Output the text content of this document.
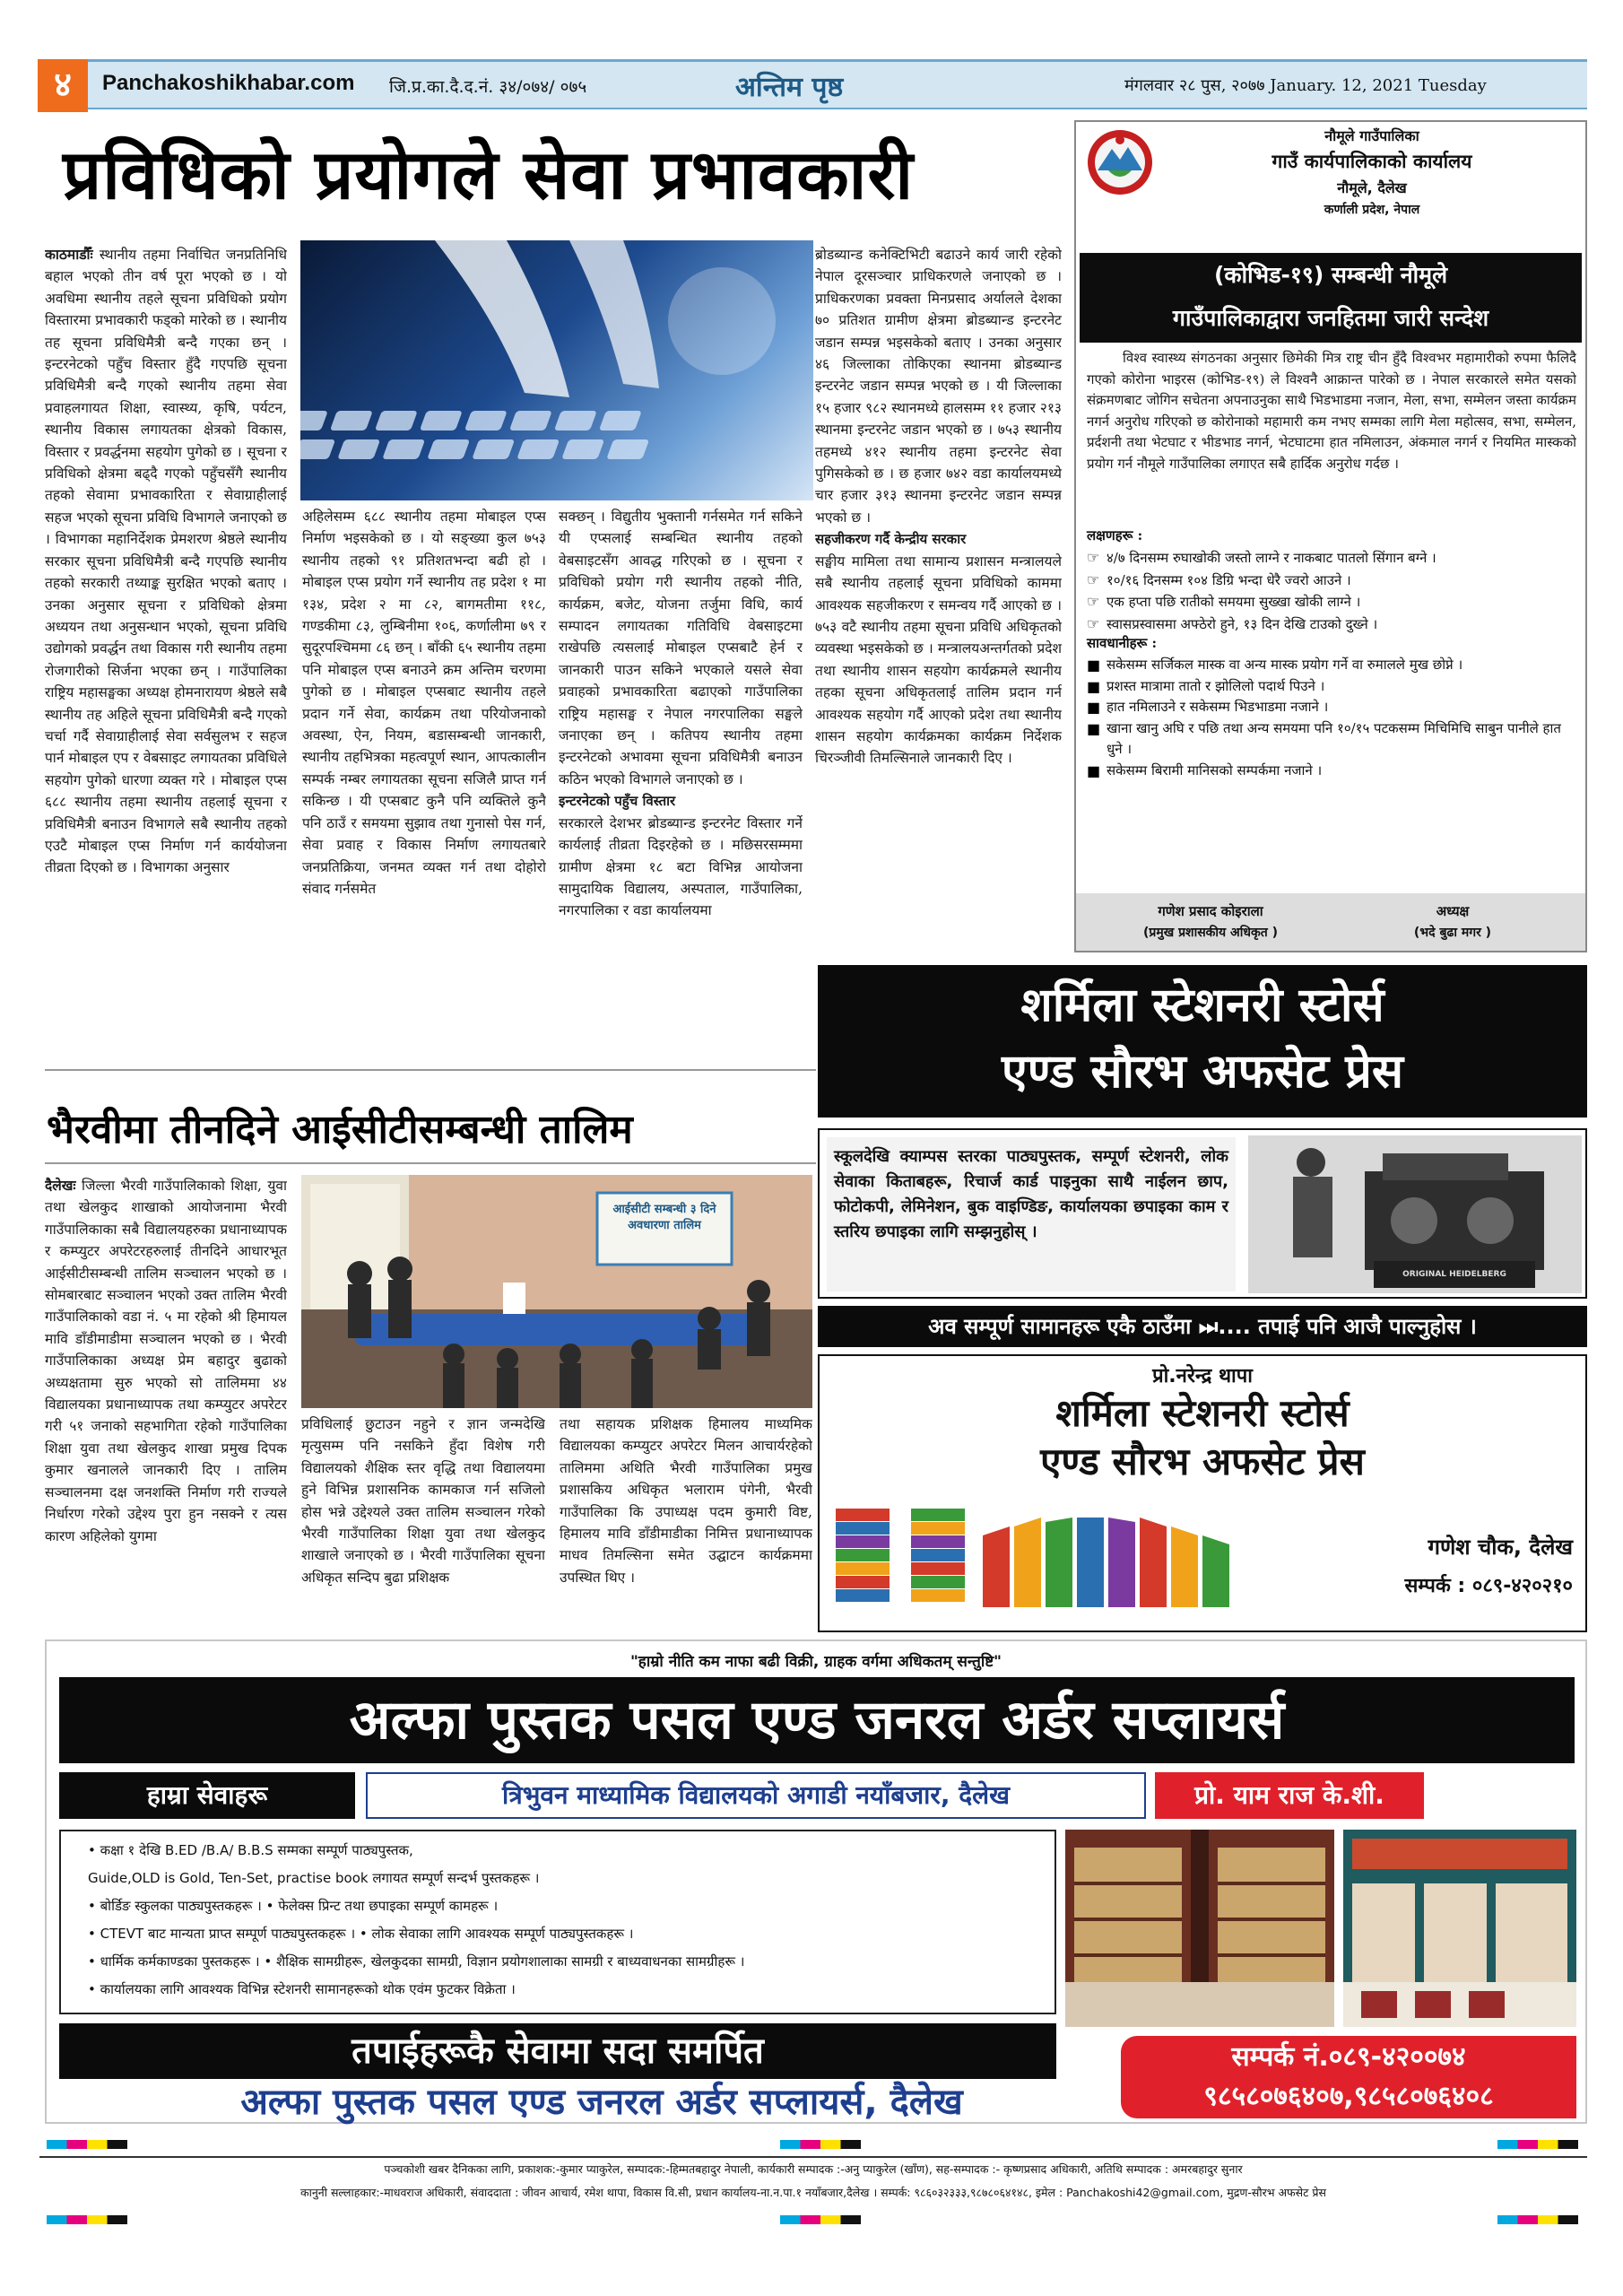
४	Panchakoshikhabar.com जि.प्र.का.दै.द.नं. ३४/०७४/ ०७५	अन्तिम पृष्ठ	मंगलवार २८ पुस, २०७७ January. 12, 2021 Tuesday
प्रविधिको प्रयोगले सेवा प्रभावकारी
काठमाडौँः स्थानीय तहमा निर्वाचित जनप्रतिनिधि बहाल भएको तीन वर्ष पूरा भएको छ । यो अवधिमा स्थानीय तहले सूचना प्रविधिको प्रयोग विस्तारमा प्रभावकारी फड्को मारेको छ । स्थानीय तह सूचना प्रविधिमैत्री बन्दै गएका छन् । इन्टरनेटको पहुँच विस्तार हुँदै गएपछि सूचना प्रविधिमैत्री बन्दै गएको स्थानीय तहमा सेवा प्रवाहलगायत शिक्षा, स्वास्थ्य, कृषि, पर्यटन, स्थानीय विकास लगायतका क्षेत्रको विकास, विस्तार र प्रवर्द्धनमा सहयोग पुगेको छ । सूचना र प्रविधिको क्षेत्रमा बढ्दै गएको पहुँचसँगै स्थानीय तहको सेवामा प्रभावकारिता र सेवाग्राहीलाई सहज भएको सूचना प्रविधि विभागले जनाएको छ । विभागका महानिर्देशक प्रेमशरण श्रेष्ठले स्थानीय सरकार सूचना प्रविधिमैत्री बन्दै गएपछि स्थानीय तहको सरकारी तथ्याङ्क सुरक्षित भएको बताए । उनका अनुसार सूचना र प्रविधिको क्षेत्रमा अध्ययन तथा अनुसन्धान भएको, सूचना प्रविधि उद्योगको प्रवर्द्धन तथा विकास गरी स्थानीय तहमा रोजगारीको सिर्जना भएका छन् । गाउँपालिका राष्ट्रिय महासङ्घका अध्यक्ष होमनारायण श्रेष्ठले सबै स्थानीय तह अहिले सूचना प्रविधिमैत्री बन्दै गएको चर्चा गर्दै सेवाग्राहीलाई सेवा सर्वसुलभ र सहज पार्न मोबाइल एप र वेबसाइट लगायतका प्रविधिले सहयोग पुगेको धारणा व्यक्त गरे । मोबाइल एप्स ६८८ स्थानीय तहमा स्थानीय तहलाई सूचना र प्रविधिमैत्री बनाउन विभागले सबै स्थानीय तहको एउटै मोबाइल एप्स निर्माण गर्न कार्ययोजना तीव्रता दिएको छ । विभागका अनुसार
अहिलेसम्म ६८८ स्थानीय तहमा मोबाइल एप्स निर्माण भइसकेको छ । यो सङ्ख्या कुल ७५३ स्थानीय तहको ९१ प्रतिशतभन्दा बढी हो । मोबाइल एप्स प्रयोग गर्ने स्थानीय तह प्रदेश १ मा १३४, प्रदेश २ मा ८२, बागमतीमा ११८, गण्डकीमा ८३, लुम्बिनीमा १०६, कर्णालीमा ७९ र सुदूरपश्चिममा ८६ छन् । बाँकी ६५ स्थानीय तहमा पनि मोबाइल एप्स बनाउने क्रम अन्तिम चरणमा पुगेको छ । मोबाइल एप्सबाट स्थानीय तहले प्रदान गर्ने सेवा, कार्यक्रम तथा परियोजनाको अवस्था, ऐन, नियम, बडासम्बन्धी जानकारी, स्थानीय तहभित्रका महत्वपूर्ण स्थान, आपत्कालीन सम्पर्क नम्बर लगायतका सूचना सजिलै प्राप्त गर्न सकिन्छ । यी एप्सबाट कुनै पनि व्यक्तिले कुनै पनि ठाउँ र समयमा सुझाव तथा गुनासो पेस गर्न, सेवा प्रवाह र विकास निर्माण लगायतबारे जनप्रतिक्रिया, जनमत व्यक्त गर्न तथा दोहोरो संवाद गर्नसमेत
सक्छन् । विद्युतीय भुक्तानी गर्नसमेत गर्न सकिने यी एप्सलाई सम्बन्धित स्थानीय तहको वेबसाइटसँग आवद्ध गरिएको छ । सूचना र प्रविधिको प्रयोग गरी स्थानीय तहको नीति, कार्यक्रम, बजेट, योजना तर्जुमा विधि, कार्य सम्पादन लगायतका गतिविधि वेबसाइटमा राखेपछि त्यसलाई मोबाइल एप्सबाटै हेर्न र जानकारी पाउन सकिने भएकाले यसले सेवा प्रवाहको प्रभावकारिता बढाएको गाउँपालिका राष्ट्रिय महासङ्घ र नेपाल नगरपालिका सङ्घले जनाएका छन् । कतिपय स्थानीय तहमा इन्टरनेटको अभावमा सूचना प्रविधिमैत्री बनाउन कठिन भएको विभागले जनाएको छ ।
इन्टरनेटको पहुँच विस्तार
सरकारले देशभर ब्रोडब्यान्ड इन्टरनेट विस्तार गर्ने कार्यलाई तीव्रता दिइरहेको छ । मछिसरसम्ममा ग्रामीण क्षेत्रमा १८ बटा विभिन्न आयोजना सामुदायिक विद्यालय, अस्पताल, गाउँपालिका, नगरपालिका र वडा कार्यालयमा
ब्रोडब्यान्ड कनेक्टिभिटी बढाउने कार्य जारी रहेको नेपाल दूरसञ्चार प्राधिकरणले जनाएको छ । प्राधिकरणका प्रवक्ता मिनप्रसाद अर्यालले देशका ७० प्रतिशत ग्रामीण क्षेत्रमा ब्रोडब्यान्ड इन्टरनेट जडान सम्पन्न भइसकेको बताए । उनका अनुसार ४६ जिल्लाका तोकिएका स्थानमा ब्रोडब्यान्ड इन्टरनेट जडान सम्पन्न भएको छ । यी जिल्लाका १५ हजार ९८२ स्थानमध्ये हालसम्म ११ हजार २१३ स्थानमा इन्टरनेट जडान भएको छ । ७५३ स्थानीय तहमध्ये ४१२ स्थानीय तहमा इन्टरनेट सेवा पुगिसकेको छ । छ हजार ७४२ वडा कार्यालयमध्ये चार हजार ३१३ स्थानमा इन्टरनेट जडान सम्पन्न भएको छ ।
सहजीकरण गर्दै केन्द्रीय सरकार
सङ्घीय मामिला तथा सामान्य प्रशासन मन्त्रालयले सबै स्थानीय तहलाई सूचना प्रविधिको काममा आवश्यक सहजीकरण र समन्वय गर्दै आएको छ । ७५३ वटै स्थानीय तहमा सूचना प्रविधि अधिकृतको व्यवस्था भइसकेको छ । मन्त्रालयअन्तर्गतको प्रदेश तथा स्थानीय शासन सहयोग कार्यक्रमले स्थानीय तहका सूचना अधिकृतलाई तालिम प्रदान गर्न आवश्यक सहयोग गर्दै आएको प्रदेश तथा स्थानीय शासन सहयोग कार्यक्रमका कार्यक्रम निर्देशक चिरञ्जीवी तिमल्सिनाले जानकारी दिए ।
भैरवीमा तीनदिने आईसीटीसम्बन्धी तालिम
दैलेखः जिल्ला भैरवी गाउँपालिकाको शिक्षा, युवा तथा खेलकुद शाखाको आयोजनामा भैरवी गाउँपालिकाका सबै विद्यालयहरुका प्रधानाध्यापक र कम्प्युटर अपरेटरहरुलाई तीनदिने आधारभूत आईसीटीसम्बन्धी तालिम सञ्चालन भएको छ । सोमबारबाट सञ्चालन भएको उक्त तालिम भैरवी गाउँपालिकाको वडा नं. ५ मा रहेको श्री हिमायल मावि डाँडीमाडीमा सञ्चालन भएको छ । भैरवी गाउँपालिकाका अध्यक्ष प्रेम बहादुर बुढाको अध्यक्षतामा सुरु भएको सो तालिममा ४४ विद्यालयका प्रधानाध्यापक तथा कम्प्युटर अपरेटर गरी ५१ जनाको सहभागिता रहेको गाउँपालिका शिक्षा युवा तथा खेलकुद शाखा प्रमुख दिपक कुमार खनालले जानकारी दिए । तालिम सञ्चालनमा दक्ष जनशक्ति निर्माण गरी राज्यले निर्धारण गरेको उद्देश्य पुरा हुन नसक्ने र त्यस कारण अहिलेको युगमा
आईसीटी सम्बन्धी ३ दिने अवधारणा तालिम
प्रविधिलाई छुटाउन नहुने र ज्ञान जन्मदेखि मृत्युसम्म पनि नसकिने हुँदा विशेष गरी विद्यालयको शैक्षिक स्तर वृद्धि तथा विद्यालयमा हुने विभिन्न प्रशासनिक कामकाज गर्न सजिलो होस भन्ने उद्देश्यले उक्त तालिम सञ्चालन गरेको भैरवी गाउँपालिका शिक्षा युवा तथा खेलकुद शाखाले जनाएको छ । भैरवी गाउँपालिका सूचना अधिकृत सन्दिप बुढा प्रशिक्षक
तथा सहायक प्रशिक्षक हिमालय माध्यमिक विद्यालयका कम्प्युटर अपरेटर मिलन आचार्यरहेको तालिममा अथिति भैरवी गाउँपालिका प्रमुख प्रशासकिय अधिकृत भलाराम पंगेनी, भैरवी गाउँपालिका कि उपाध्यक्ष पदम कुमारी विष्ट, हिमालय मावि डाँडीमाडीका निमित्त प्रधानाध्यापक माधव तिमल्सिना समेत उद्घाटन कार्यक्रममा उपस्थित थिए ।
नौमूले गाउँपालिका
गाउँ कार्यपालिकाको कार्यालय
नौमूले, दैलेख
कर्णाली प्रदेश, नेपाल
(कोभिड-१९) सम्बन्धी नौमूले
गाउँपालिकाद्वारा जनहितमा जारी सन्देश
विश्व स्वास्थ्य संगठनका अनुसार छिमेकी मित्र राष्ट्र चीन हुँदै विश्वभर महामारीको रुपमा फैलिदै गएको कोरोना भाइरस (कोभिड-१९) ले विश्वनै आक्रान्त पारेको छ । नेपाल सरकारले समेत यसको संक्रमणबाट जोगिन सचेतना अपनाउनुका साथै भिडभाडमा नजान, मेला, सभा, सम्मेलन जस्ता कार्यक्रम नगर्न अनुरोध गरिएको छ कोरोनाको महामारी कम नभए सम्मका लागि मेला महोत्सव, सभा, सम्मेलन, प्रर्दशनी तथा भेटघाट र भीडभाड नगर्न, भेटघाटमा हात नमिलाउन, अंकमाल नगर्न र नियमित मास्कको प्रयोग गर्न नौमूले गाउँपालिका लगाएत सबै हार्दिक अनुरोध गर्दछ ।
लक्षणहरू :
☞ ४/७ दिनसम्म रुघाखोकी जस्तो लाग्ने र नाकबाट पातलो सिंगान बग्ने ।
☞ १०/१६ दिनसम्म १०४ डिग्रि भन्दा धेरै ज्वरो आउने ।
☞ एक हप्ता पछि रातीको समयमा सुख्खा खोकी लाग्ने ।
☞ स्वासप्रस्वासमा अफ्ठेरो हुने, १३ दिन देखि टाउको दुख्ने ।
सावधानीहरू :
■ सकेसम्म सर्जिकल मास्क वा अन्य मास्क प्रयोग गर्ने वा रुमालले मुख छोप्ने ।
■ प्रशस्त मात्रामा तातो र झोलिलो पदार्थ पिउने ।
■ हात नमिलाउने र सकेसम्म भिडभाडमा नजाने ।
■ खाना खानु अघि र पछि तथा अन्य समयमा पनि १०/१५ पटकसम्म मिचिमिचि साबुन पानीले हात धुने ।
■ सकेसम्म बिरामी मानिसको सम्पर्कमा नजाने ।
गणेश प्रसाद कोइराला
(प्रमुख प्रशासकीय अधिकृत )
अध्यक्ष
(भदे बुढा मगर )
शर्मिला स्टेशनरी स्टोर्स
एण्ड सौरभ अफसेट प्रेस
स्कूलदेखि क्याम्पस स्तरका पाठ्यपुस्तक, सम्पूर्ण स्टेशनरी, लोक सेवाका किताबहरू, रिचार्ज कार्ड पाइनुका साथै नाईलन छाप, फोटोकपी, लेमिनेशन, बुक वाइण्डिङ, कार्यालयका छपाइका काम र स्तरिय छपाइका लागि सम्झनुहोस् ।
ORIGINAL HEIDELBERG
अव सम्पूर्ण सामानहरू एकै ठाउँमा ⏭.... तपाई पनि आजै पाल्नुहोस ।
प्रो.नरेन्द्र थापा
शर्मिला स्टेशनरी स्टोर्स
एण्ड सौरभ अफसेट प्रेस
गणेश चौक, दैलेख
सम्पर्क : ०८९-४२०२१०
"हाम्रो नीति कम नाफा बढी विक्री, ग्राहक वर्गमा अधिकतम् सन्तुष्टि"
अल्फा पुस्तक पसल एण्ड जनरल अर्डर सप्लायर्स
हाम्रा सेवाहरू	त्रिभुवन माध्यामिक विद्यालयको अगाडी नयाँबजार, दैलेख	प्रो. याम राज के.शी.
• कक्षा १ देखि B.ED /B.A/ B.B.S सम्मका सम्पूर्ण पाठ्यपुस्तक,
Guide,OLD is Gold, Ten-Set, practise book लगायत सम्पूर्ण सन्दर्भ पुस्तकहरू ।
• बोर्डिङ स्कुलका पाठ्यपुस्तकहरू । • फेलेक्स प्रिन्ट तथा छपाइका सम्पूर्ण कामहरू ।
• CTEVT बाट मान्यता प्राप्त सम्पूर्ण पाठ्यपुस्तकहरू । • लोक सेवाका लागि आवश्यक सम्पूर्ण पाठ्यपुस्तकहरू ।
• धार्मिक कर्मकाण्डका पुस्तकहरू । • शैक्षिक सामग्रीहरू, खेलकुदका सामग्री, विज्ञान प्रयोगशालाका सामग्री र बाध्यवाधनका सामग्रीहरू ।
• कार्यालयका लागि आवश्यक विभिन्न स्टेशनरी सामानहरूको थोक एवंम फुटकर विक्रेता ।
तपाईहरूकै सेवामा सदा समर्पित
अल्फा पुस्तक पसल एण्ड जनरल अर्डर सप्लायर्स, दैलेख
सम्पर्क नं.०८९-४२००७४
९८५८०७६४०७,९८५८०७६४०८
पञ्चकोशी खबर दैनिकका लागि, प्रकाशक:-कुमार प्याकुरेल, सम्पादक:-हिम्मतबहादुर नेपाली, कार्यकारी सम्पादक :-अनु प्याकुरेल (खाँण), सह-सम्पादक :- कृष्णप्रसाद अधिकारी, अतिथि सम्पादक : अमरबहादुर सुनार
कानुनी सल्लाहकार:-माधवराज अधिकारी, संवाददाता : जीवन आचार्य, रमेश थापा, विकास वि.सी, प्रधान कार्यालय-ना.न.पा.१ नयाँबजार,दैलेख । सम्पर्क: ९८६०३२३३३,९८७८०६४१४८, इमेल : Panchakoshi42@gmail.com, मुद्रण-सौरभ अफसेट प्रेस
